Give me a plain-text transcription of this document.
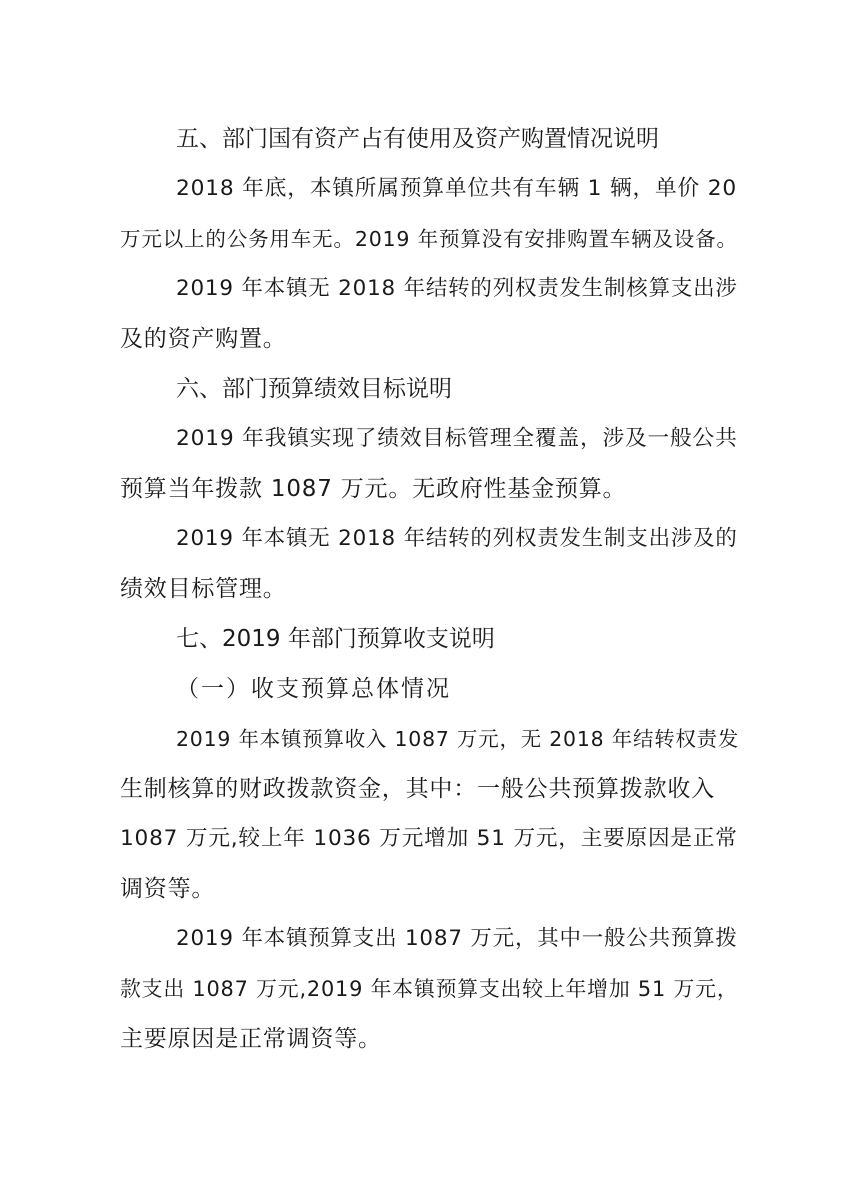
五、部门国有资产占有使用及资产购置情况说明

2018 年底，本镇所属预算单位共有车辆 1 辆，单价 20

万元以上的公务用车无。2019 年预算没有安排购置车辆及设备。

2019 年本镇无 2018 年结转的列权责发生制核算支出涉

及的资产购置。

六、部门预算绩效目标说明

2019 年我镇实现了绩效目标管理全覆盖，涉及一般公共

预算当年拨款 1087 万元。无政府性基金预算。

2019 年本镇无 2018 年结转的列权责发生制支出涉及的

绩效目标管理。

七、2019 年部门预算收支说明

（一）收支预算总体情况

2019 年本镇预算收入 1087 万元，无 2018 年结转权责发

生制核算的财政拨款资金，其中：一般公共预算拨款收入

1087 万元,较上年 1036 万元增加 51 万元，主要原因是正常

调资等。

2019 年本镇预算支出 1087 万元，其中一般公共预算拨

款支出 1087 万元,2019 年本镇预算支出较上年增加 51 万元，

主要原因是正常调资等。
